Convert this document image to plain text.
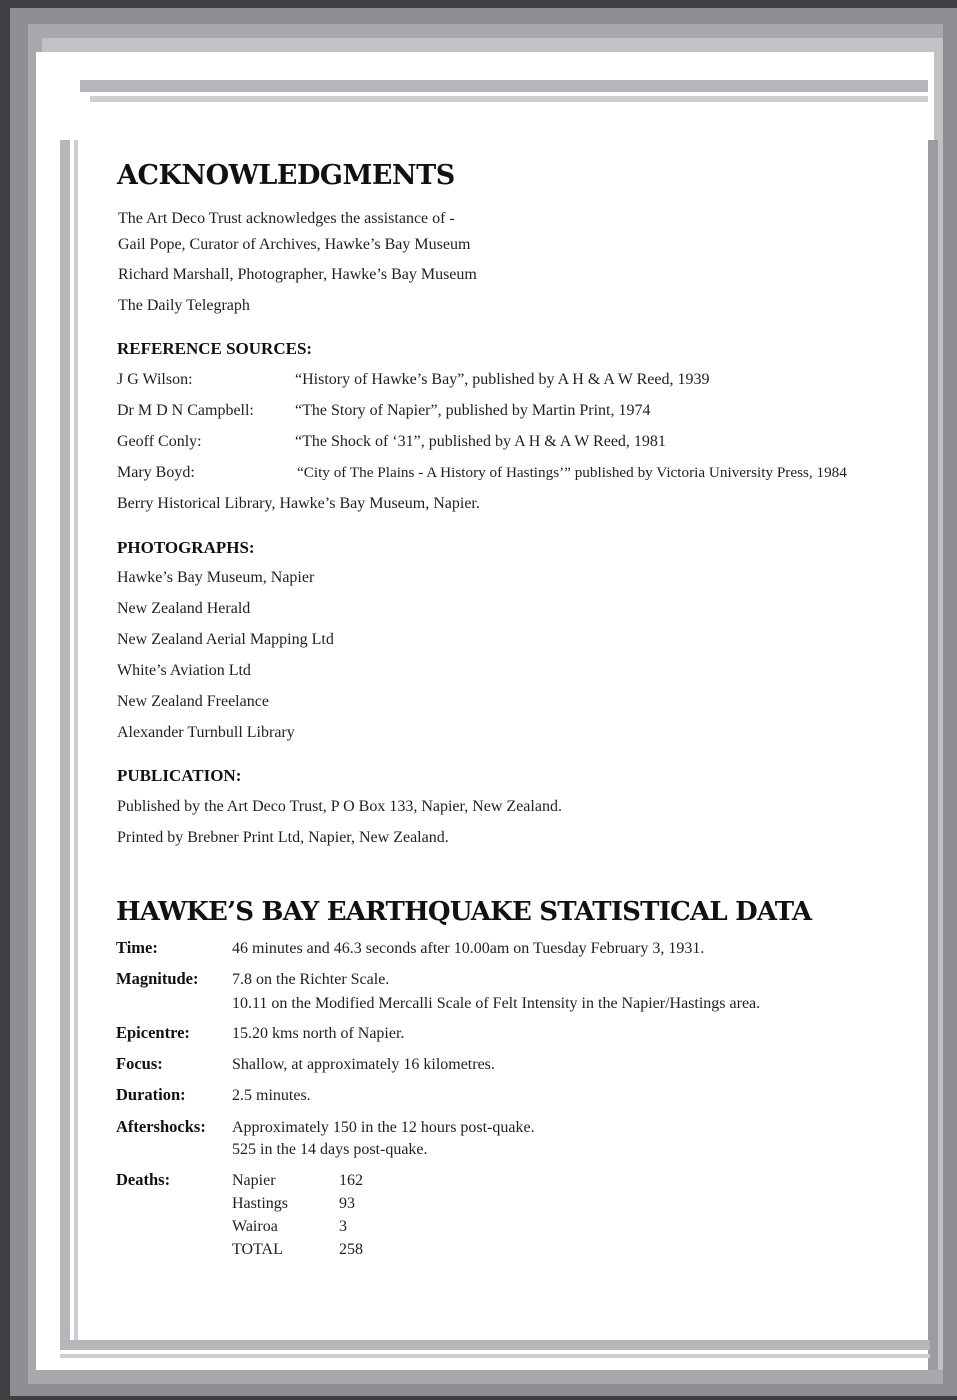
ACKNOWLEDGMENTS
The Art Deco Trust acknowledges the assistance of -
Gail Pope, Curator of Archives, Hawke’s Bay Museum
Richard Marshall, Photographer, Hawke’s Bay Museum
The Daily Telegraph
REFERENCE SOURCES:
J G Wilson:	“History of Hawke’s Bay”, published by A H & A W Reed, 1939
Dr M D N Campbell:	“The Story of Napier”, published by Martin Print, 1974
Geoff Conly:	“The Shock of ‘31”, published by A H & A W Reed, 1981
Mary Boyd:	“City of The Plains - A History of Hastings’” published by Victoria University Press, 1984
Berry Historical Library, Hawke’s Bay Museum, Napier.
PHOTOGRAPHS:
Hawke’s Bay Museum, Napier
New Zealand Herald
New Zealand Aerial Mapping Ltd
White’s Aviation Ltd
New Zealand Freelance
Alexander Turnbull Library
PUBLICATION:
Published by the Art Deco Trust, P O Box 133, Napier, New Zealand.
Printed by Brebner Print Ltd, Napier, New Zealand.
HAWKE’S BAY EARTHQUAKE STATISTICAL DATA
Time:	46 minutes and 46.3 seconds after 10.00am on Tuesday February 3, 1931.
Magnitude: 7.8 on the Richter Scale.
10.11 on the Modified Mercalli Scale of Felt Intensity in the Napier/Hastings area.
Epicentre:	15.20 kms north of Napier.
Focus:	Shallow, at approximately 16 kilometres.
Duration:	2.5 minutes.
Aftershocks: Approximately 150 in the 12 hours post-quake.
525 in the 14 days post-quake.
Deaths:	Napier	162
Hastings	93
Wairoa	3
TOTAL	258
